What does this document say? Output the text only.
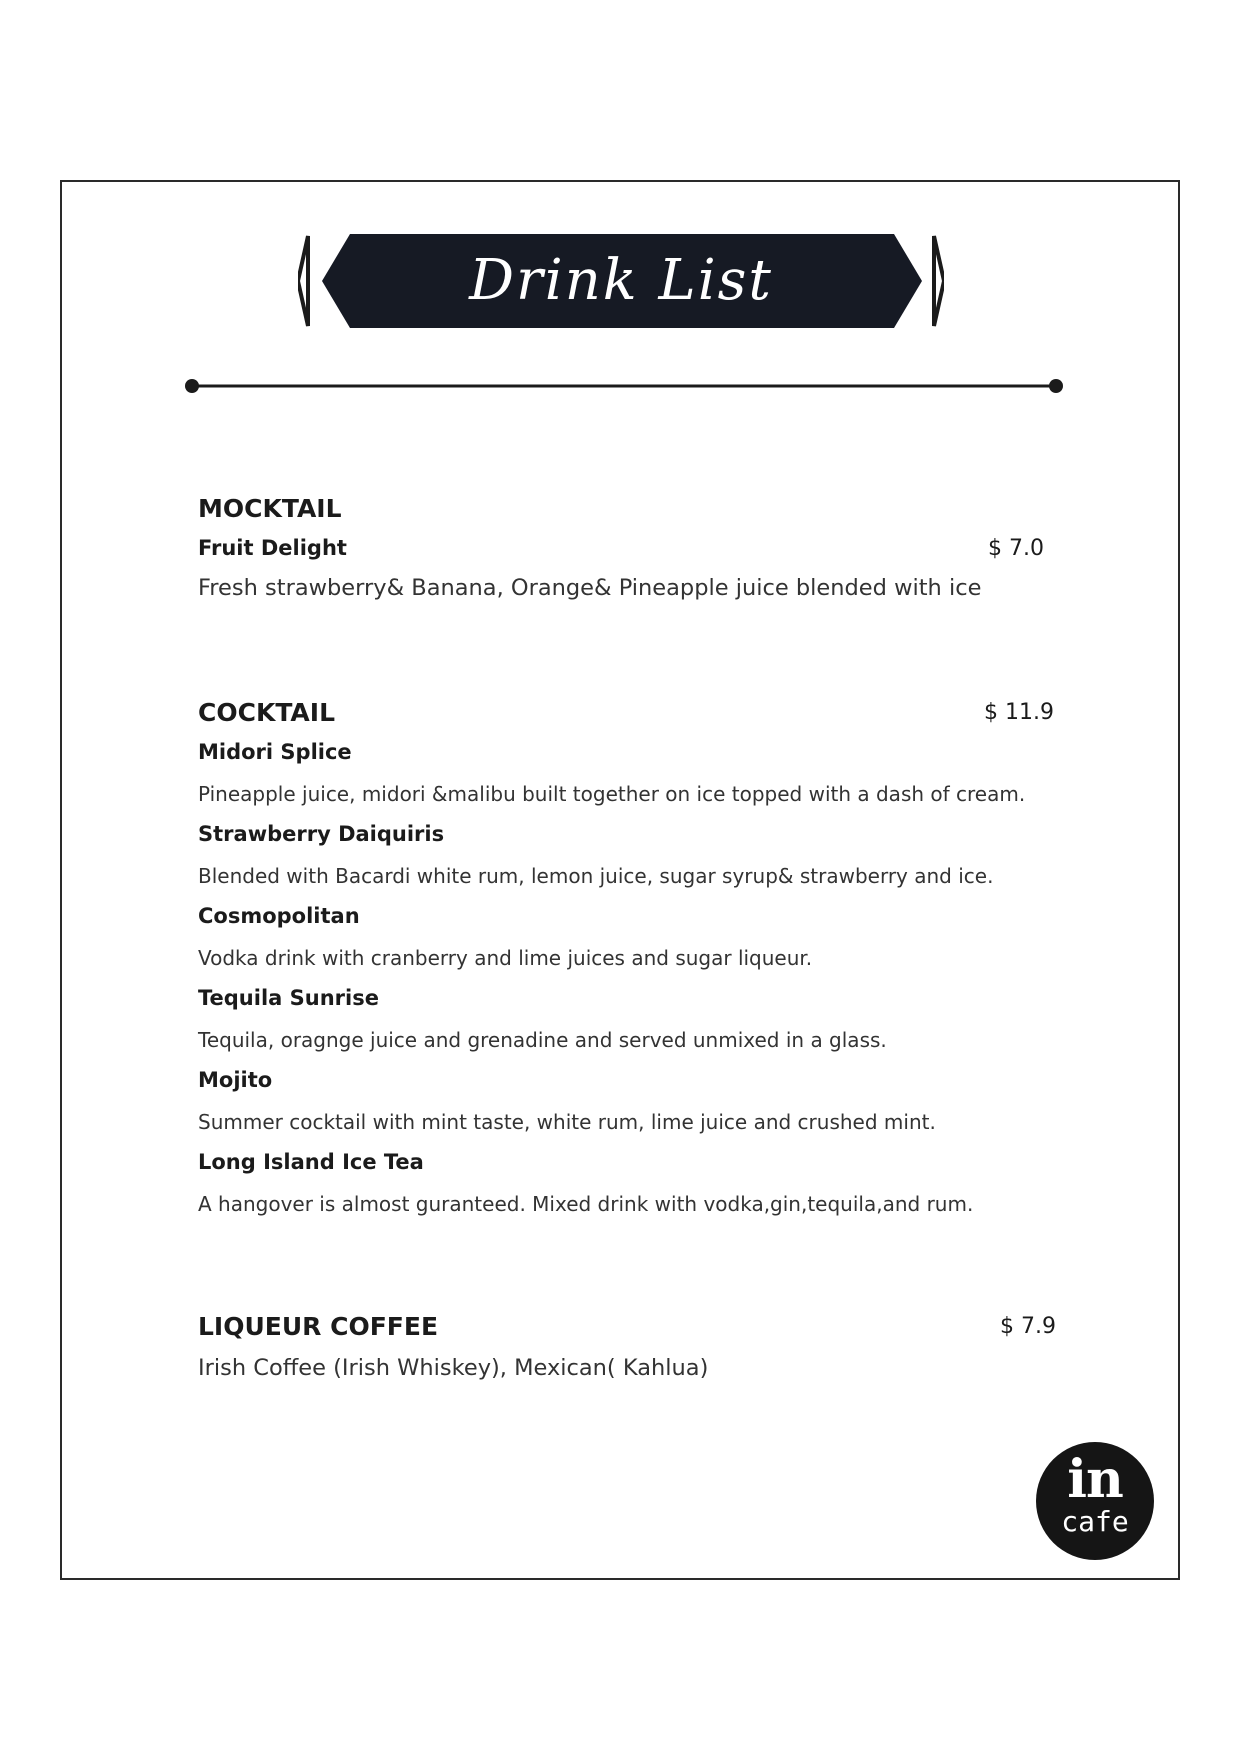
Drink List
MOCKTAIL
Fruit Delight	$ 7.0
Fresh strawberry& Banana, Orange& Pineapple juice blended with ice
COCKTAIL	$ 11.9
Midori Splice
Pineapple juice, midori &malibu built together on ice topped with a dash of cream.
Strawberry Daiquiris
Blended with Bacardi white rum, lemon juice, sugar syrup& strawberry and ice.
Cosmopolitan
Vodka drink with cranberry and lime juices and sugar liqueur.
Tequila Sunrise
Tequila, oragnge juice and grenadine and served unmixed in a glass.
Mojito
Summer cocktail with mint taste, white rum, lime juice and crushed mint.
Long Island Ice Tea
A hangover is almost guranteed. Mixed drink with vodka,gin,tequila,and rum.
LIQUEUR COFFEE	$ 7.9
Irish Coffee (Irish Whiskey), Mexican( Kahlua)
in
cafe
